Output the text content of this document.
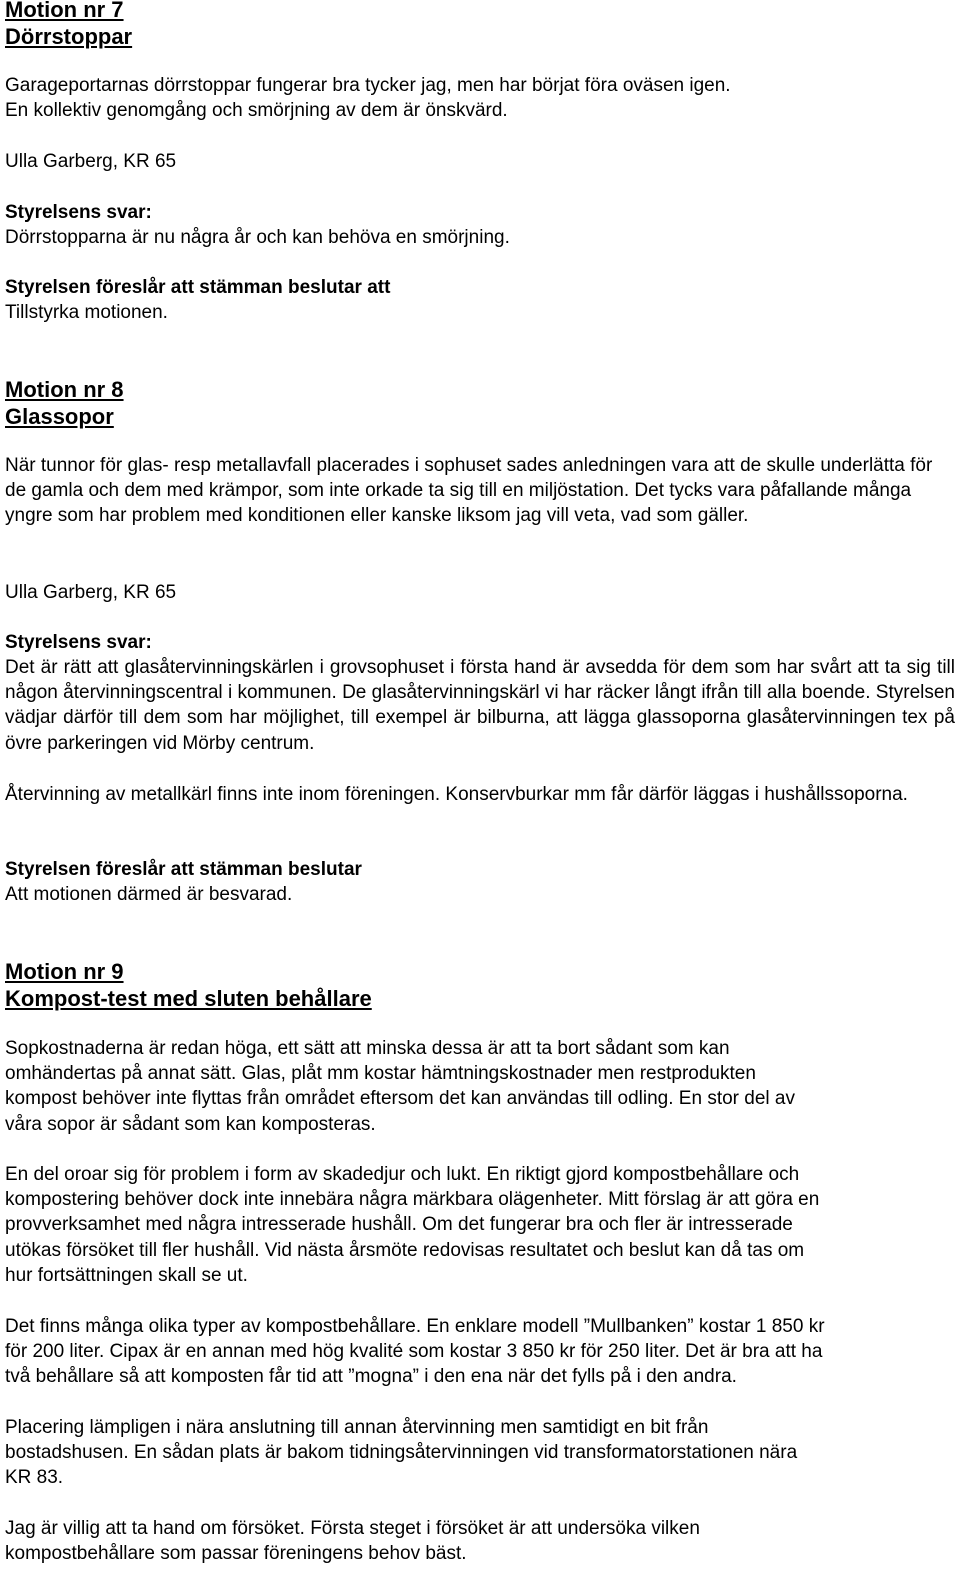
Motion nr 7
Dörrstoppar
Garageportarnas dörrstoppar fungerar bra tycker jag, men har börjat föra oväsen igen.
En kollektiv genomgång och smörjning av dem är önskvärd.
Ulla Garberg, KR 65
Styrelsens svar:
Dörrstopparna är nu några år och kan behöva en smörjning.
Styrelsen föreslår att stämman beslutar att
Tillstyrka motionen.
Motion nr 8
Glassopor
När tunnor för glas- resp metallavfall placerades i sophuset sades anledningen vara att de skulle underlätta för de gamla och dem med krämpor, som inte orkade ta sig till en miljöstation. Det tycks vara påfallande många yngre som har problem med konditionen eller kanske liksom jag vill veta, vad som gäller.
Ulla Garberg, KR 65
Styrelsens svar:
Det är rätt att glasåtervinningskärlen i grovsophuset i första hand är avsedda för dem som har svårt att ta sig till någon återvinningscentral i kommunen. De glasåtervinningskärl vi har räcker långt ifrån till alla boende. Styrelsen vädjar därför till dem som har möjlighet, till exempel är bilburna, att lägga glassoporna glasåtervinningen tex på övre parkeringen vid Mörby centrum.
Återvinning av metallkärl finns inte inom föreningen. Konservburkar mm får därför läggas i hushållssoporna.
Styrelsen föreslår att stämman beslutar
Att motionen därmed är besvarad.
Motion nr 9
Kompost-test med sluten behållare
Sopkostnaderna är redan höga, ett sätt att minska dessa är att ta bort sådant som kan
omhändertas på annat sätt. Glas, plåt mm kostar hämtningskostnader men restprodukten
kompost behöver inte flyttas från området eftersom det kan användas till odling. En stor del av
våra sopor är sådant som kan komposteras.
En del oroar sig för problem i form av skadedjur och lukt. En riktigt gjord kompostbehållare och
kompostering behöver dock inte innebära några märkbara olägenheter. Mitt förslag är att göra en
provverksamhet med några intresserade hushåll. Om det fungerar bra och fler är intresserade
utökas försöket till fler hushåll. Vid nästa årsmöte redovisas resultatet och beslut kan då tas om
hur fortsättningen skall se ut.
Det finns många olika typer av kompostbehållare. En enklare modell ”Mullbanken” kostar 1 850 kr
för 200 liter. Cipax är en annan med hög kvalité som kostar 3 850 kr för 250 liter. Det är bra att ha
två behållare så att komposten får tid att ”mogna” i den ena när det fylls på i den andra.
Placering lämpligen i nära anslutning till annan återvinning men samtidigt en bit från
bostadshusen. En sådan plats är bakom tidningsåtervinningen vid transformatorstationen nära
KR 83.
Jag är villig att ta hand om försöket. Första steget i försöket är att undersöka vilken
kompostbehållare som passar föreningens behov bäst.
